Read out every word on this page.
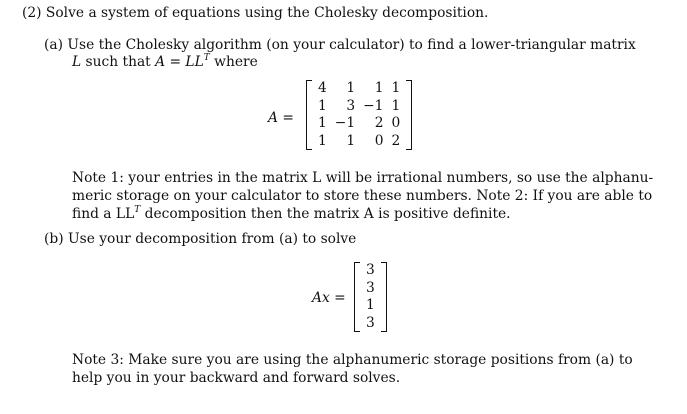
(2) Solve a system of equations using the Cholesky decomposition.
(a) Use the Cholesky algorithm (on your calculator) to find a lower-triangular matrix
L such that $A = LL^T$ where
A =
4	1	1	1
1	3	−1	1
1	−1	2	0
1	1	0	2
Note 1: your entries in the matrix L will be irrational numbers, so use the alphanu-
meric storage on your calculator to store these numbers. Note 2: If you are able to
find a $LL^T$ decomposition then the matrix A is positive definite.
(b) Use your decomposition from (a) to solve
Ax =
3
3
1
3
Note 3: Make sure you are using the alphanumeric storage positions from (a) to
help you in your backward and forward solves.
